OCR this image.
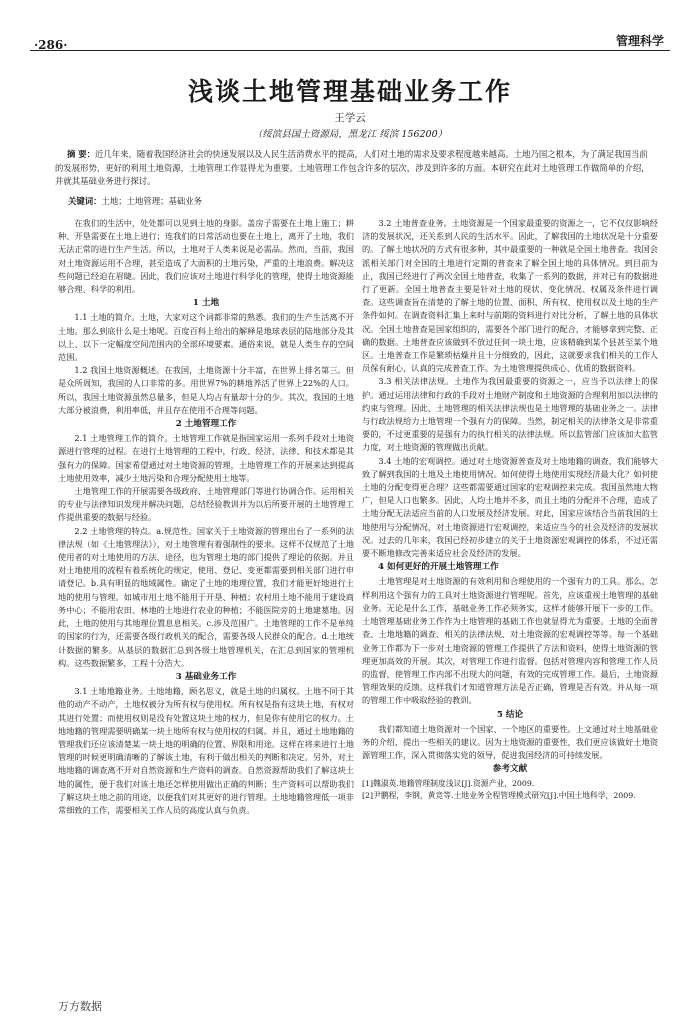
·286·	管理科学
浅谈土地管理基础业务工作
王学云
（绥滨县国土资源局，黑龙江 绥滨 156200）
摘 要：近几年来，随着我国经济社会的快速发展以及人民生活消费水平的提高，人们对土地的需求及要求程度越来越高。土地乃国之根本，为了满足我国当前的发展形势，更好的利用土地资源，土地管理工作显得尤为重要。土地管理工作包含许多的层次，涉及到许多的方面。本研究在此对土地管理工作做简单的介绍，并就其基础业务进行探讨。
关键词：土地；土地管理；基础业务

在我们的生活中，处处都可以见到土地的身影。盖房子需要在土地上施工；耕种、开垦需要在土地上进行；连我们的日常活动也要在土地上，离开了土地，我们无法正常的进行生产生活。所以，土地对于人类来说是必需品。然而，当前，我国对土地资源运用不合理，甚至造成了大面积的土地污染，严重的土地浪费。解决这些问题已经迫在眉睫。因此，我们应该对土地进行科学化的管理，使得土地资源能够合理、科学的利用。

1 土地

1.1 土地的简介。土地，大家对这个词都非常的熟悉。我们的生产生活离不开土地。那么到底什么是土地呢。百度百科上给出的解释是地球表层的陆地部分及其以上、以下一定幅度空间范围内的全部环境要素。通俗来说，就是人类生存的空间范围。

1.2 我国土地资源概述。在我国，土地资源十分丰富，在世界上排名第三。但是众所周知，我国的人口非常的多。用世界7%的耕地养活了世界上22%的人口。所以，我国土地资源虽然总量多，但是人均占有量却十分的少。其次，我国的土地大部分被浪费，利用率低，并且存在使用不合理等问题。

2 土地管理工作

2.1 土地管理工作的简介。土地管理工作就是指国家运用一系列手段对土地资源进行管理的过程。在进行土地管理的工程中，行政、经济、法律、和技术都是其强有力的保障。国家希望通过对土地资源的管理，土地管理工作的开展来达到提高土地使用效率，减少土地污染和合理分配使用土地等。

土地管理工作的开展需要各级政府、土地管理部门等进行协调合作。运用相关的专业与法律知识发现并解决问题，总结经验教训并为以后所要开展的土地管理工作提供重要的数据与经验。

2.2 土地管理的特点。a.规范性。国家关于土地资源的管理出台了一系列的法律法规（如《土地管理法》），对土地管理有着强制性的要求。这样不仅规范了土地使用者的对土地使用的方法、途径，也为管理土地的部门提供了理论的依据。并且对土地使用的流程有着系统化的规定，使用、登记、变更都需要到相关部门进行申请登记。b.具有明显的地域属性。确定了土地的地理位置，我们才能更好地进行土地的使用与管理。如城市用土地不能用于开垦、种植；农村用土地不能用于建设商务中心；不能用农田、林地的土地进行农业的种植；不能医院旁的土地建墓地。因此，土地的使用与其地理位置息息相关。c.涉及范围广。土地管理的工作不是单纯的国家的行为，还需要各级行政机关的配合，需要各级人民群众的配合。d.土地统计数据的繁多。从基层的数据汇总到各级土地管理机关，在汇总到国家的管理机构。这些数据繁多，工程十分浩大。

3 基础业务工作

3.1 土地地籍业务。土地地籍，顾名思义，就是土地的归属权。土地不同于其他的动产不动产，土地权被分为所有权与使用权。所有权是指有这块土地，有权对其进行处置；而使用权则是没有处置这块土地的权力，但是你有使用它的权力。土地地籍的管理需要明确某一块土地所有权与使用权的归属。并且，通过土地地籍的管理我们还应该清楚某一块土地的明确的位置、界限和用途。这样在将来进行土地管理的时候更明确清晰的了解该土地，有利于做出相关的判断和决定。另外，对土地地籍的调查离不开对自然资源和生产资料的调查。自然资源帮助我们了解这块土地的属性，便于我们对该土地还怎样使用做出正确的判断；生产资料可以帮助我们了解这块土地之前的用途，以便我们对其更好的进行管理。土地地籍管理低一项非常细致的工作，需要相关工作人员的高度认真与负责。

3.2 土地普查业务。土地资源是一个国家最重要的资源之一，它不仅仅影响经济的发展状况，还关系到人民的生活水平。因此，了解我国的土地状况是十分重要的。了解土地状况的方式有很多种，其中最重要的一种就是全国土地普查。我国会派相关部门对全国的土地进行定期的普查来了解全国土地的具体情况。到目前为止，我国已经进行了两次全国土地普查，收集了一系列的数据，并对已有的数据进行了更新。全国土地普查主要是针对土地的现状、变化情况、权属及条件进行调查。这些调查旨在清楚的了解土地的位置、面积、所有权、使用权以及土地的生产条件如何。在调查资料汇集上来时与前期的资料进行对比分析，了解土地的具体状况。全国土地普查是国家组织的，需要各个部门进行的配合，才能够拿到完整、正确的数据。土地普查应该做到不放过任何一块土地，应该精确到某个县甚至某个地区。土地普查工作是繁琐枯燥并且十分细致的，因此，这就要求我们相关的工作人员保有耐心，认真的完成普查工作。为土地管理提供成心、优质的数据资料。

3.3 相关法律法规。土地作为我国最重要的资源之一，应当予以法律上的保护。通过运用法律和行政的手段对土地财产制度和土地资源的合理利用加以法律的约束与管理。因此，土地管理的相关法律法规也是土地管理的基础业务之一。法律与行政法规给力土地管理一个强有力的保障。当然，制定相关的法律条文是非常重要的，不过更重要的是强有力的执行相关的法律法规。所以监管部门应该加大监管力度，对土地资源的管理做出贡献。

3.4 土地的宏观调控。通过对土地资源普查及对土地地籍的调查，我们能够大致了解到我国的土地及土地使用情况。如何使得土地使用实现经济最大化？如何使土地的分配变得更合理？这些都需要通过国家的宏观调控来完成。我国虽然地大物广，但是人口也繁多。因此，人均土地并不多，而且土地的分配并不合理，造成了土地分配无法适应当前的人口发展及经济发展。对此，国家应该结合当前我国的土地使用与分配情况，对土地资源进行宏观调控，来适应当今的社会及经济的发展状况。过去的几年来，我国已经初步建立的关于土地资源宏观调控的体系，不过还需要不断地修改完善来适应社会及经济的发展。

4 如何更好的开展土地管理工作

土地管理是对土地资源的有效利用和合理使用的一个强有力的工具。那么，怎样利用这个强有力的工具对土地资源进行管理呢。首先，应该重视土地管理的基础业务。无论是什么工作，基础业务工作必须务实，这样才能够开展下一步的工作。土地管理基础业务工作作为土地管理的基础工作也就显得尤为重要。土地的全面普查、土地地籍的调查、相关的法律法规、对土地资源的宏观调控等等。每一个基础业务工作都为下一步对土地资源的管理工作提供了方法和资料，使得土地资源的管理更加高效的开展。其次，对管理工作进行监督。包括对管理内容和管理工作人员的监督，使管理工作内部不出现大的问题，有效的完成管理工作。最后，土地资源管理效果的反馈。这样我们才知道管理方法是否正确，管理是否有效。并从每一项的管理工作中吸取经验的教训。

5 结论

我们都知道土地资源对一个国家、一个地区的重要性。上文通过对土地基础业务的介绍，提出一些相关的建议。因为土地资源的重要性，我们更应该做好土地资源管理工作，深入贯彻落实党的领导，促进我国经济的可持续发展。

参考文献
[1]魏淑英.地籍管理制度浅议[J].资源产业，2009.
[2]尹鹏程，李钢，黄竞等.土地业务全程管理模式研究[J].中国土地科学，2009.
万方数据
